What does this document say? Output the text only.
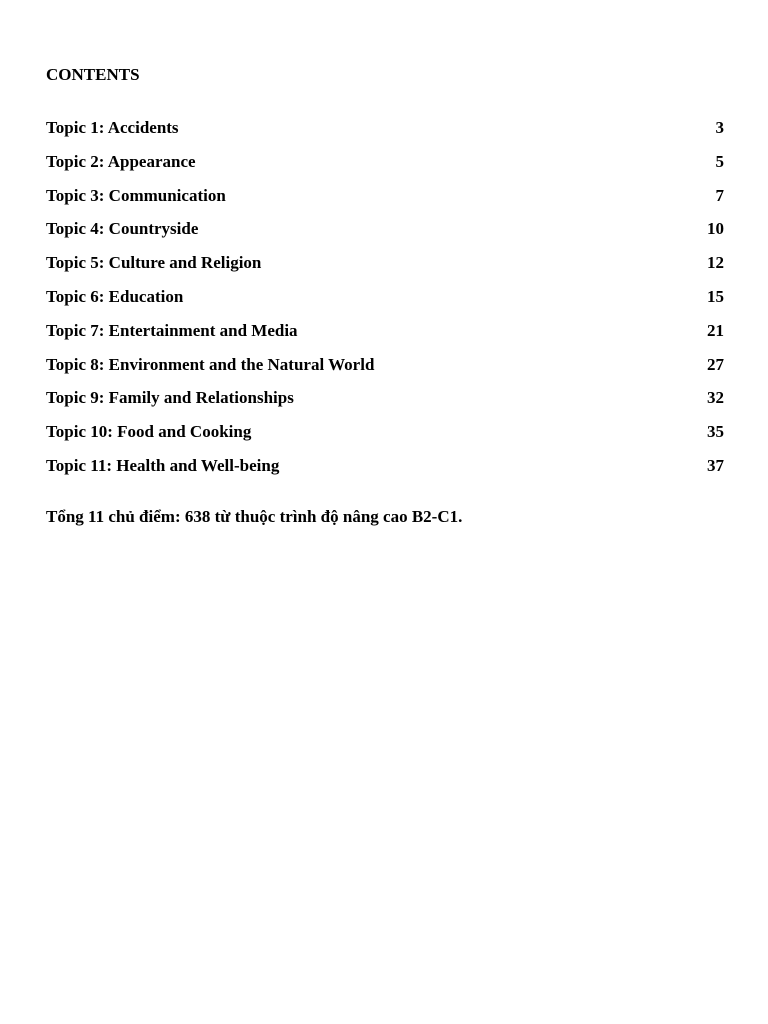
CONTENTS
Topic 1: Accidents	3
Topic 2: Appearance	5
Topic 3: Communication	7
Topic 4: Countryside	10
Topic 5: Culture and Religion	12
Topic 6: Education	15
Topic 7: Entertainment and Media	21
Topic 8: Environment and the Natural World	27
Topic 9: Family and Relationships	32
Topic 10: Food and Cooking	35
Topic 11: Health and Well-being	37
Tổng 11 chủ điểm: 638 từ thuộc trình độ nâng cao B2-C1.
